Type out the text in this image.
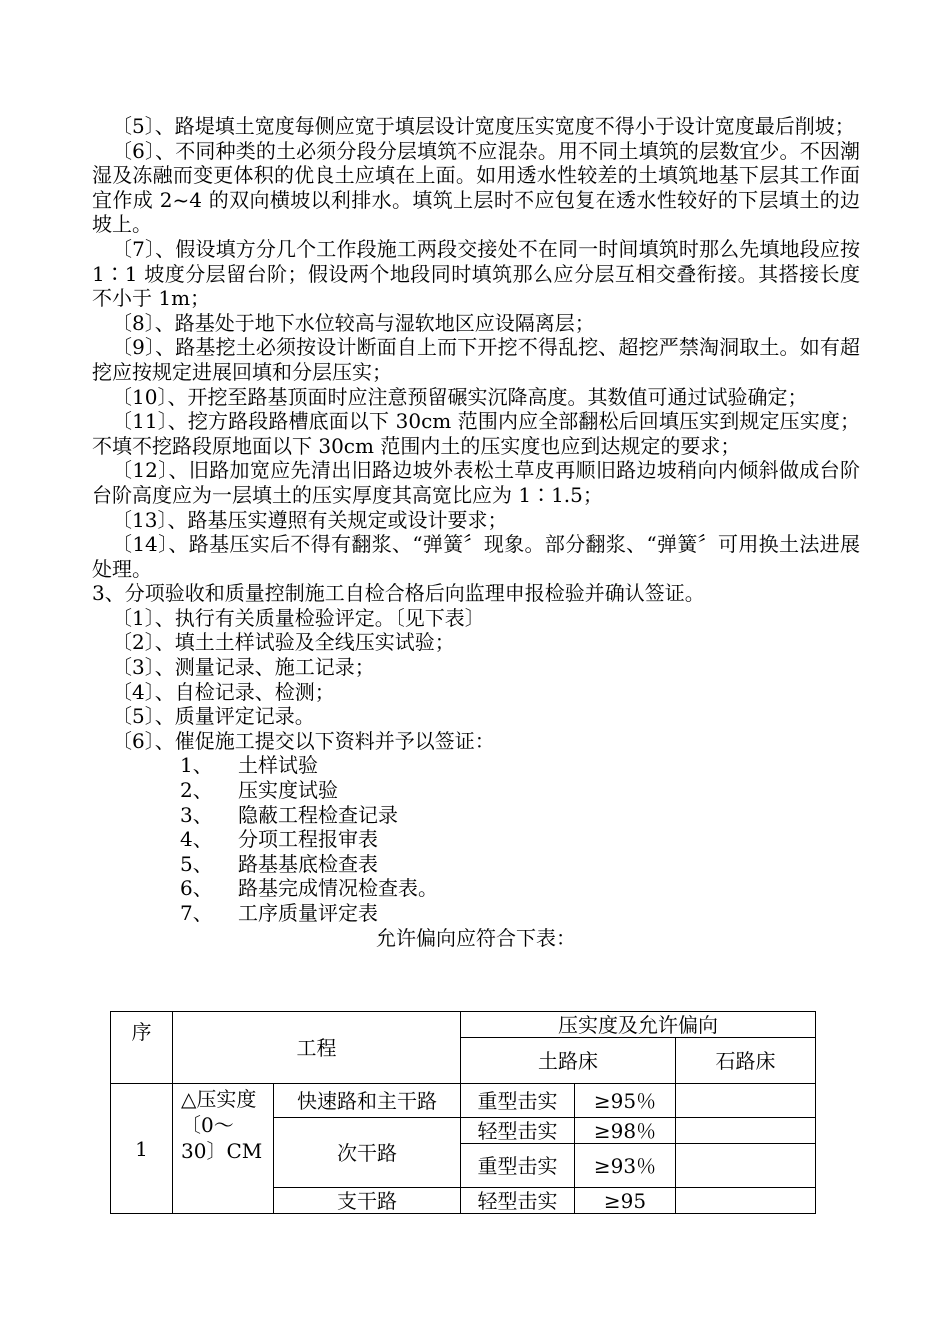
〔5〕、路堤填土宽度每侧应宽于填层设计宽度压实宽度不得小于设计宽度最后削坡；

〔6〕、不同种类的土必须分段分层填筑不应混杂。用不同土填筑的层数宜少。不因潮湿及冻融而变更体积的优良土应填在上面。如用透水性较差的土填筑地基下层其工作面宜作成 2~4 的双向横坡以利排水。填筑上层时不应包复在透水性较好的下层填土的边坡上。

〔7〕、假设填方分几个工作段施工两段交接处不在同一时间填筑时那么先填地段应按 1∶1 坡度分层留台阶；假设两个地段同时填筑那么应分层互相交叠衔接。其搭接长度不小于 1m；

〔8〕、路基处于地下水位较高与湿软地区应设隔离层；

〔9〕、路基挖土必须按设计断面自上而下开挖不得乱挖、超挖严禁淘洞取土。如有超挖应按规定进展回填和分层压实；

〔10〕、开挖至路基顶面时应注意预留碾实沉降高度。其数值可通过试验确定；

〔11〕、挖方路段路槽底面以下 30cm 范围内应全部翻松后回填压实到规定压实度；不填不挖路段原地面以下 30cm 范围内土的压实度也应到达规定的要求；

〔12〕、旧路加宽应先清出旧路边坡外表松土草皮再顺旧路边坡稍向内倾斜做成台阶台阶高度应为一层填土的压实厚度其高宽比应为 1∶1.5；

〔13〕、路基压实遵照有关规定或设计要求；

〔14〕、路基压实后不得有翻浆、“弹簧〞现象。部分翻浆、“弹簧〞可用换土法进展处理。

3、分项验收和质量控制施工自检合格后向监理申报检验并确认签证。

〔1〕、执行有关质量检验评定。〔见下表〕

〔2〕、填土土样试验及全线压实试验；

〔3〕、测量记录、施工记录；

〔4〕、自检记录、检测；

〔5〕、质量评定记录。

〔6〕、催促施工提交以下资料并予以签证：

1、	土样试验
2、	压实度试验
3、	隐蔽工程检查记录
4、	分项工程报审表
5、	路基基底检查表
6、	路基完成情况检查表。
7、	工序质量评定表

允许偏向应符合下表：

序	工程		压实度及允许偏向		
			土路床		石路床
1	△压实度〔0～30〕CM	快速路和主干路	重型击实	≥95％	
		次干路	轻型击实	≥98％	
			重型击实	≥93％	
		支干路	轻型击实	≥95	
